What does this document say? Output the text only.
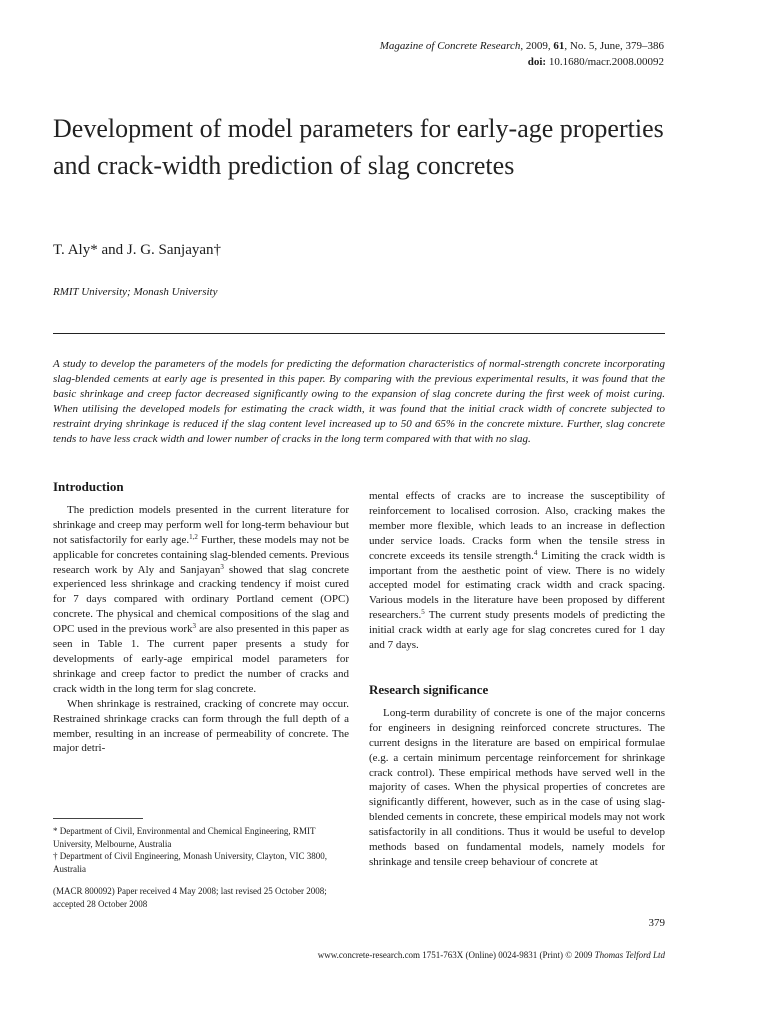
Magazine of Concrete Research, 2009, 61, No. 5, June, 379–386
doi: 10.1680/macr.2008.00092
Development of model parameters for early-age properties and crack-width prediction of slag concretes
T. Aly* and J. G. Sanjayan†
RMIT University; Monash University

A study to develop the parameters of the models for predicting the deformation characteristics of normal-strength concrete incorporating slag-blended cements at early age is presented in this paper. By comparing with the previous experimental results, it was found that the basic shrinkage and creep factor decreased significantly owing to the expansion of slag concrete during the first week of moist curing. When utilising the developed models for estimating the crack width, it was found that the initial crack width of concrete subjected to restraint drying shrinkage is reduced if the slag content level increased up to 50 and 65% in the concrete mixture. Further, slag concrete tends to have less crack width and lower number of cracks in the long term compared with that with no slag.

Introduction

The prediction models presented in the current literature for shrinkage and creep may perform well for long-term behaviour but not satisfactorily for early age.$^{1,2}$ Further, these models may not be applicable for concretes containing slag-blended cements. Previous research work by Aly and Sanjayan$^3$ showed that slag concrete experienced less shrinkage and cracking tendency if moist cured for 7 days compared with ordinary Portland cement (OPC) concrete. The physical and chemical compositions of the slag and OPC used in the previous work$^3$ are also presented in this paper as seen in Table 1. The current paper presents a study for developments of early-age empirical model parameters for shrinkage and creep factor to predict the number of cracks and crack width in the long term for slag concrete.

When shrinkage is restrained, cracking of concrete may occur. Restrained shrinkage cracks can form through the full depth of a member, resulting in an increase of permeability of concrete. The major detri-

mental effects of cracks are to increase the susceptibility of reinforcement to localised corrosion. Also, cracking makes the member more flexible, which leads to an increase in deflection under service loads. Cracks form when the tensile stress in concrete exceeds its tensile strength.$^4$ Limiting the crack width is important from the aesthetic point of view. There is no widely accepted model for estimating crack width and crack spacing. Various models in the literature have been proposed by different researchers.$^5$ The current study presents models of predicting the initial crack width at early age for slag concretes cured for 1 day and 7 days.

Research significance

Long-term durability of concrete is one of the major concerns for engineers in designing reinforced concrete structures. The current designs in the literature are based on empirical formulae (e.g. a certain minimum percentage reinforcement for shrinkage crack control). These empirical methods have served well in the majority of cases. When the physical properties of concretes are significantly different, however, such as in the case of using slag-blended cements in concrete, these empirical models may not work satisfactorily in all conditions. Thus it would be useful to develop methods based on fundamental models, namely models for shrinkage and tensile creep behaviour of concrete at

* Department of Civil, Environmental and Chemical Engineering, RMIT University, Melbourne, Australia

† Department of Civil Engineering, Monash University, Clayton, VIC 3800, Australia

(MACR 800092) Paper received 4 May 2008; last revised 25 October 2008; accepted 28 October 2008

379
www.concrete-research.com 1751-763X (Online) 0024-9831 (Print) © 2009 Thomas Telford Ltd
